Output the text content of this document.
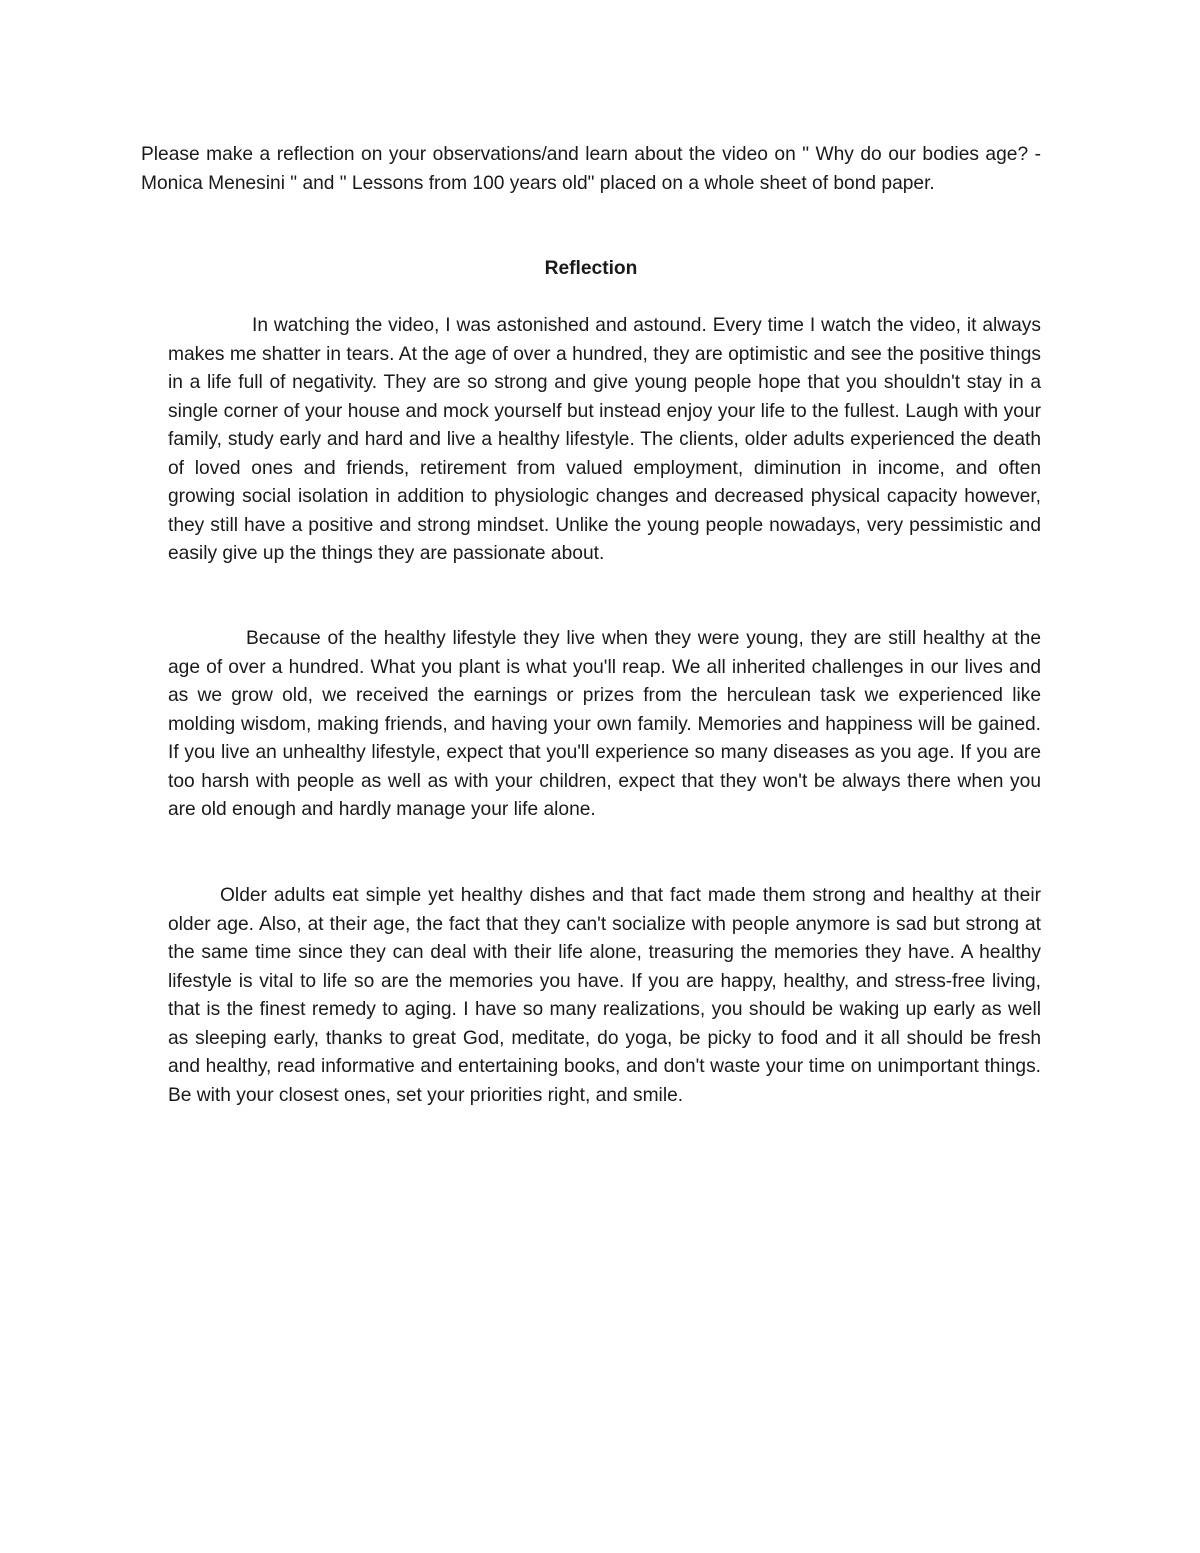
Please make a reflection on your observations/and learn about the video on " Why do our bodies age? - Monica Menesini " and " Lessons from 100 years old" placed on a whole sheet of bond paper.

Reflection

In watching the video, I was astonished and astound. Every time I watch the video, it always makes me shatter in tears. At the age of over a hundred, they are optimistic and see the positive things in a life full of negativity. They are so strong and give young people hope that you shouldn't stay in a single corner of your house and mock yourself but instead enjoy your life to the fullest. Laugh with your family, study early and hard and live a healthy lifestyle. The clients, older adults experienced the death of loved ones and friends, retirement from valued employment, diminution in income, and often growing social isolation in addition to physiologic changes and decreased physical capacity however, they still have a positive and strong mindset. Unlike the young people nowadays, very pessimistic and easily give up the things they are passionate about.

Because of the healthy lifestyle they live when they were young, they are still healthy at the age of over a hundred. What you plant is what you'll reap. We all inherited challenges in our lives and as we grow old, we received the earnings or prizes from the herculean task we experienced like molding wisdom, making friends, and having your own family. Memories and happiness will be gained. If you live an unhealthy lifestyle, expect that you'll experience so many diseases as you age. If you are too harsh with people as well as with your children, expect that they won't be always there when you are old enough and hardly manage your life alone.

Older adults eat simple yet healthy dishes and that fact made them strong and healthy at their older age. Also, at their age, the fact that they can't socialize with people anymore is sad but strong at the same time since they can deal with their life alone, treasuring the memories they have. A healthy lifestyle is vital to life so are the memories you have. If you are happy, healthy, and stress-free living, that is the finest remedy to aging. I have so many realizations, you should be waking up early as well as sleeping early, thanks to great God, meditate, do yoga, be picky to food and it all should be fresh and healthy, read informative and entertaining books, and don't waste your time on unimportant things. Be with your closest ones, set your priorities right, and smile.
